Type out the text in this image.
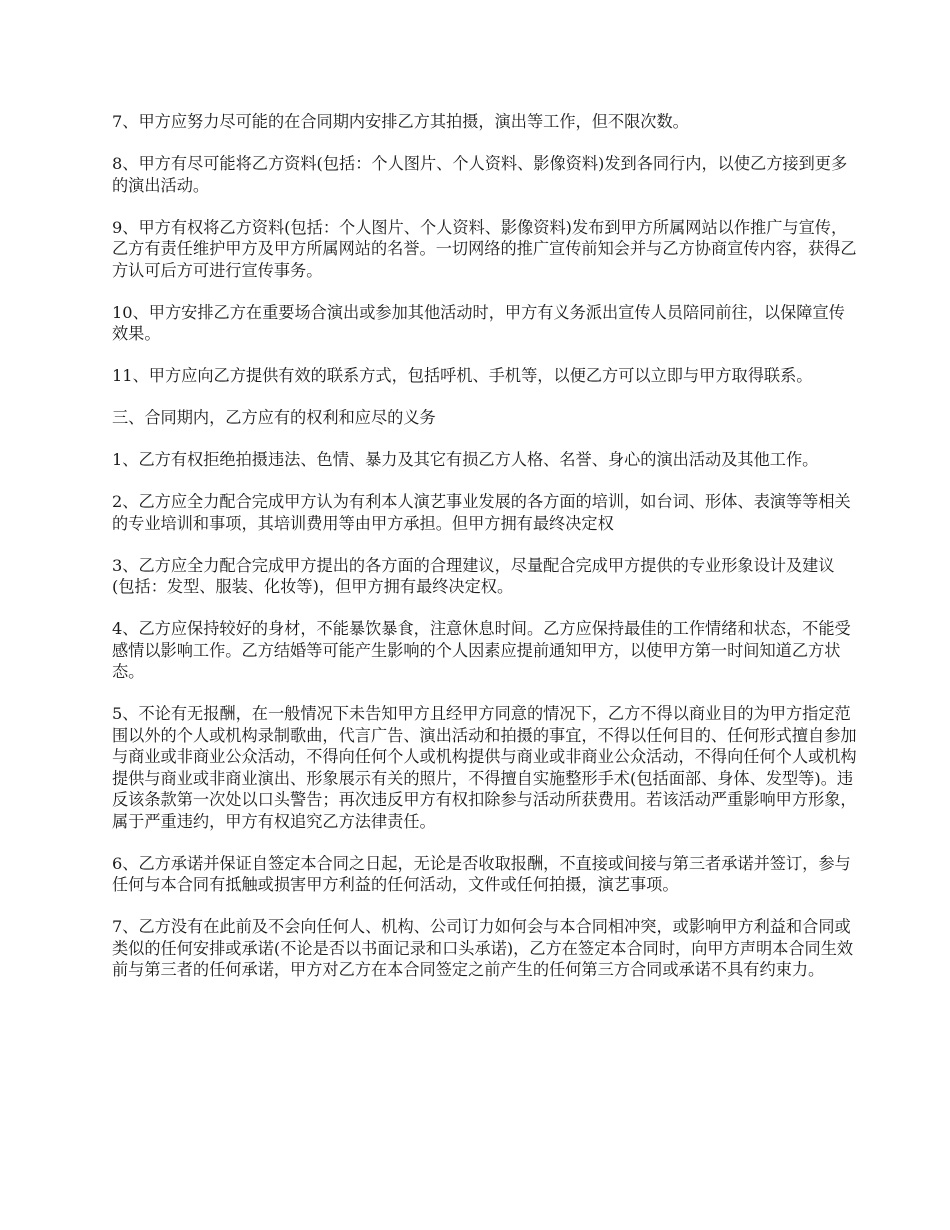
7、甲方应努力尽可能的在合同期内安排乙方其拍摄，演出等工作，但不限次数。

8、甲方有尽可能将乙方资料(包括：个人图片、个人资料、影像资料)发到各同行内，以使乙方接到更多的演出活动。

9、甲方有权将乙方资料(包括：个人图片、个人资料、影像资料)发布到甲方所属网站以作推广与宣传，乙方有责任维护甲方及甲方所属网站的名誉。一切网络的推广宣传前知会并与乙方协商宣传内容，获得乙方认可后方可进行宣传事务。

10、甲方安排乙方在重要场合演出或参加其他活动时，甲方有义务派出宣传人员陪同前往，以保障宣传效果。

11、甲方应向乙方提供有效的联系方式，包括呼机、手机等，以便乙方可以立即与甲方取得联系。

三、合同期内，乙方应有的权利和应尽的义务

1、乙方有权拒绝拍摄违法、色情、暴力及其它有损乙方人格、名誉、身心的演出活动及其他工作。

2、乙方应全力配合完成甲方认为有利本人演艺事业发展的各方面的培训，如台词、形体、表演等等相关的专业培训和事项，其培训费用等由甲方承担。但甲方拥有最终决定权

3、乙方应全力配合完成甲方提出的各方面的合理建议，尽量配合完成甲方提供的专业形象设计及建议(包括：发型、服装、化妆等)，但甲方拥有最终决定权。

4、乙方应保持较好的身材，不能暴饮暴食，注意休息时间。乙方应保持最佳的工作情绪和状态，不能受感情以影响工作。乙方结婚等可能产生影响的个人因素应提前通知甲方，以使甲方第一时间知道乙方状态。

5、不论有无报酬，在一般情况下未告知甲方且经甲方同意的情况下，乙方不得以商业目的为甲方指定范围以外的个人或机构录制歌曲，代言广告、演出活动和拍摄的事宜，不得以任何目的、任何形式擅自参加与商业或非商业公众活动，不得向任何个人或机构提供与商业或非商业公众活动，不得向任何个人或机构提供与商业或非商业演出、形象展示有关的照片，不得擅自实施整形手术(包括面部、身体、发型等)。违反该条款第一次处以口头警告；再次违反甲方有权扣除参与活动所获费用。若该活动严重影响甲方形象，属于严重违约，甲方有权追究乙方法律责任。

6、乙方承诺并保证自签定本合同之日起，无论是否收取报酬，不直接或间接与第三者承诺并签订，参与任何与本合同有抵触或损害甲方利益的任何活动，文件或任何拍摄，演艺事项。

7、乙方没有在此前及不会向任何人、机构、公司订力如何会与本合同相冲突，或影响甲方利益和合同或类似的任何安排或承诺(不论是否以书面记录和口头承诺)，乙方在签定本合同时，向甲方声明本合同生效前与第三者的任何承诺，甲方对乙方在本合同签定之前产生的任何第三方合同或承诺不具有约束力。
